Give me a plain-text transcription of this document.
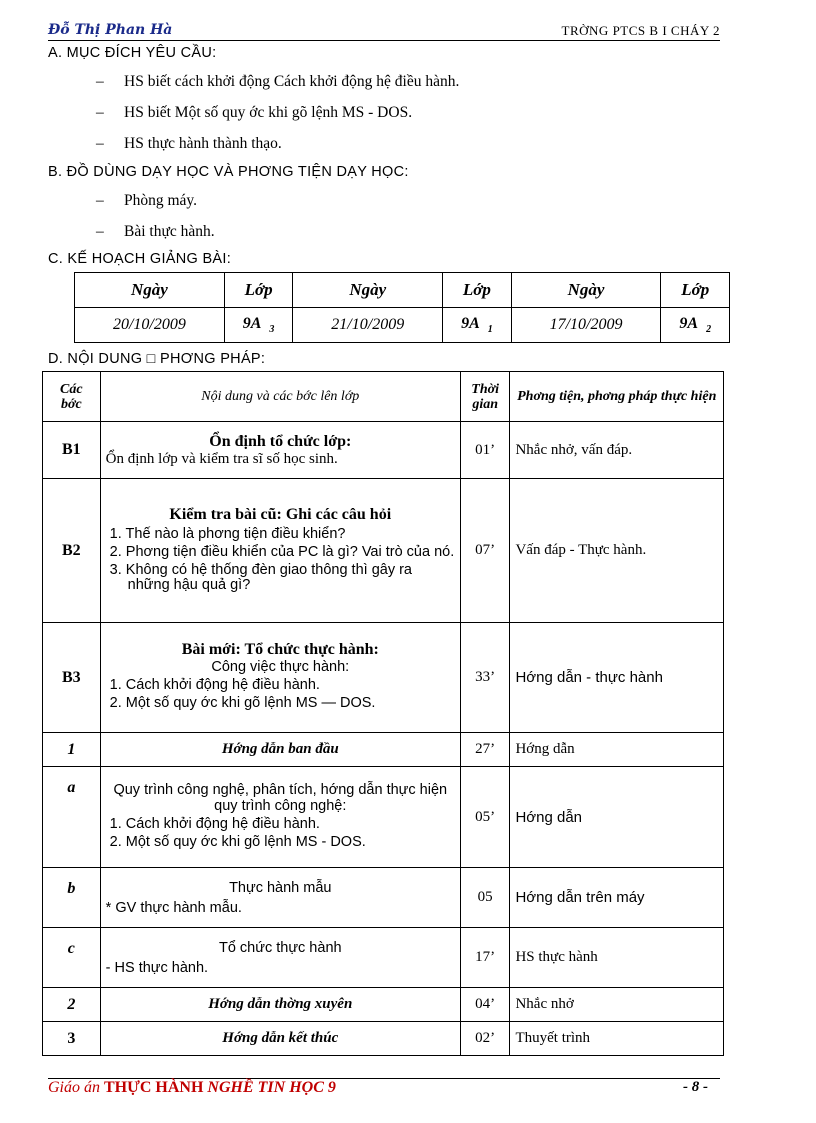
Đỗ Thị Phan Hà	TRỜNG PTCS B I CHÁY 2
A. MỤC ĐÍCH YÊU CẦU:
– HS biết cách khởi động Cách khởi động hệ điều hành.
– HS biết Một số quy ớc khi gõ lệnh MS - DOS.
– HS thực hành thành thạo.
B. ĐỒ DÙNG DẠY HỌC VÀ PHƠNG TIỆN DẠY HỌC:
– Phòng máy.
– Bài thực hành.
C. KẾ HOẠCH GIẢNG BÀI:
Ngày	Lớp	Ngày	Lớp	Ngày	Lớp
20/10/2009	9A $_3$	21/10/2009	9A $_1$	17/10/2009	9A $_2$
D. NỘI DUNG □ PHƠNG PHÁP:
Các bớc	Nội dung và các bớc lên lớp	Thời gian	Phơng tiện, phơng pháp thực hiện
B1	Ổn định tổ chức lớp:
Ổn định lớp và kiểm tra sĩ số học sinh.	01’	Nhắc nhở, vấn đáp.
B2	Kiểm tra bài cũ: Ghi các câu hỏi
1. Thế nào là phơng tiện điều khiển?
2. Phơng tiện điều khiển của PC là gì? Vai trò của nó.
3. Không có hệ thống đèn giao thông thì gây ra những hậu quả gì?	07’	Vấn đáp - Thực hành.
B3	Bài mới: Tổ chức thực hành:
Công việc thực hành:
1. Cách khởi động hệ điều hành.
2. Một số quy ớc khi gõ lệnh MS — DOS.	33’	Hớng dẫn - thực hành
1	Hớng dẫn ban đầu	27’	Hớng dẫn
a	Quy trình công nghệ, phân tích, hớng dẫn thực hiện quy trình công nghệ:
1. Cách khởi động hệ điều hành.
2. Một số quy ớc khi gõ lệnh MS - DOS.	05’	Hớng dẫn
b	Thực hành mẫu
* GV thực hành mẫu.	05	Hớng dẫn trên máy
c	Tổ chức thực hành
- HS thực hành.	17’	HS thực hành
2	Hớng dẫn thờng xuyên	04’	Nhắc nhở
3	Hớng dẫn kết thúc	02’	Thuyết trình
Giáo án THỰC HÀNH NGHỀ TIN HỌC 9	- 8 -
